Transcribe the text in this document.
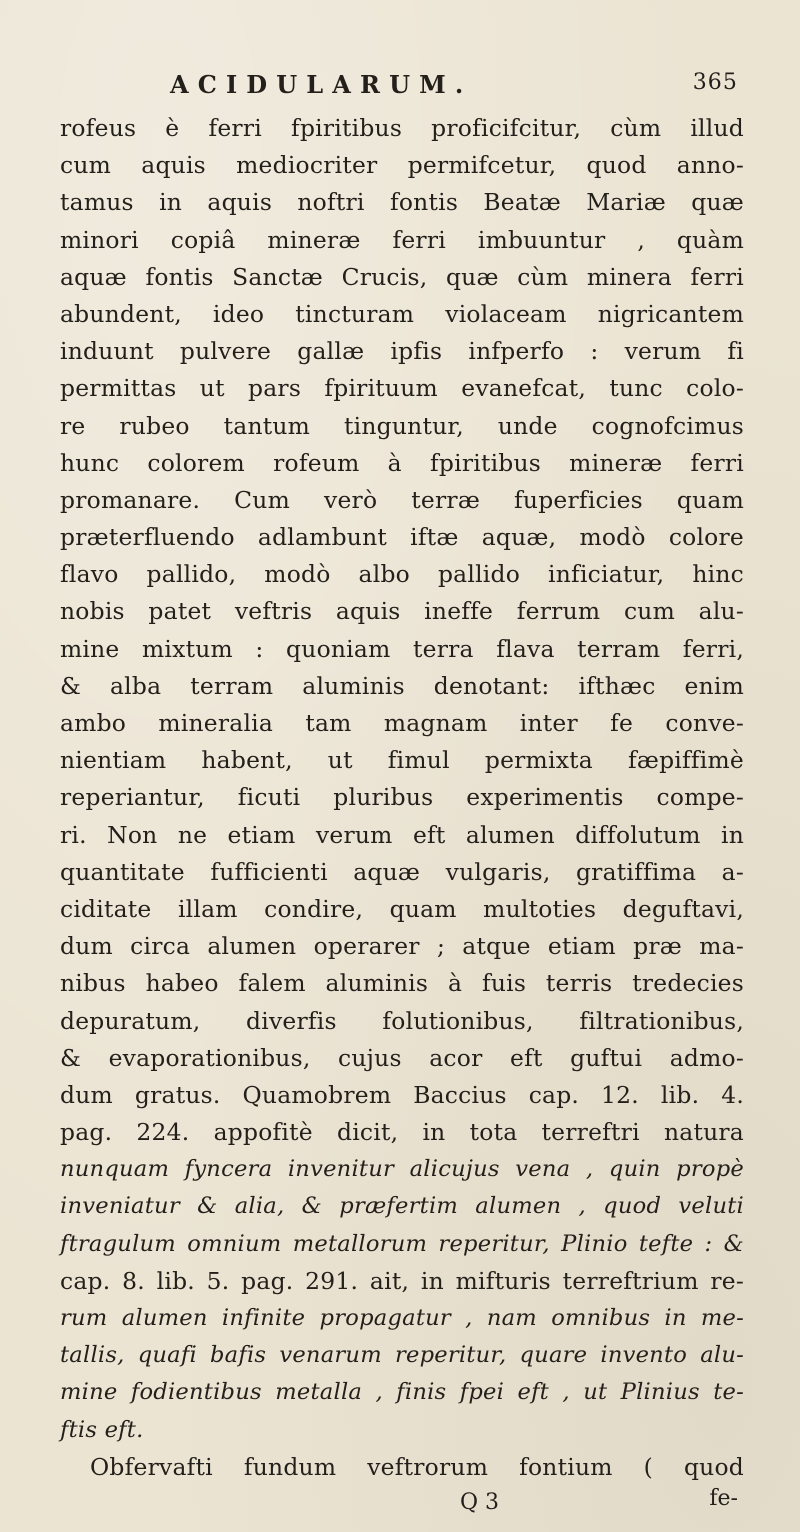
ACIDULARUM.	365
rofeus è ferri fpiritibus proficifcitur, cùm illud
cum aquis mediocriter permifcetur, quod anno-
tamus in aquis noftri fontis Beatæ Mariæ quæ
minori copiâ mineræ ferri imbuuntur , quàm
aquæ fontis Sanctæ Crucis, quæ cùm minera ferri
abundent, ideo tincturam violaceam nigricantem
induunt pulvere gallæ ipfis infperfo : verum fi
permittas ut pars fpirituum evanefcat, tunc colo-
re rubeo tantum tinguntur, unde cognofcimus
hunc colorem rofeum à fpiritibus mineræ ferri
promanare. Cum verò terræ fuperficies quam
præterfluendo adlambunt iftæ aquæ, modò colore
flavo pallido, modò albo pallido inficiatur, hinc
nobis patet veftris aquis ineffe ferrum cum alu-
mine mixtum : quoniam terra flava terram ferri,
& alba terram aluminis denotant: ifthæc enim
ambo mineralia tam magnam inter fe conve-
nientiam habent, ut fimul permixta fæpiffimè
reperiantur, ficuti pluribus experimentis compe-
ri. Non ne etiam verum eft alumen diffolutum in
quantitate fufficienti aquæ vulgaris, gratiffima a-
ciditate illam condire, quam multoties deguftavi,
dum circa alumen operarer ; atque etiam præ ma-
nibus habeo falem aluminis à fuis terris tredecies
depuratum, diverfis folutionibus, filtrationibus,
& evaporationibus, cujus acor eft guftui admo-
dum gratus. Quamobrem Baccius cap. 12. lib. 4.
pag. 224. appofitè dicit, in tota terreftri natura
nunquam fyncera invenitur alicujus vena , quin propè
inveniatur & alia, & præfertim alumen , quod veluti
ftragulum omnium metallorum reperitur, Plinio tefte : &
cap. 8. lib. 5. pag. 291. ait, in mifturis terreftrium re-
rum alumen infinite propagatur , nam omnibus in me-
tallis, quafi bafis venarum reperitur, quare invento alu-
mine fodientibus metalla , finis fpei eft , ut Plinius te-
ftis eft.
Obfervafti fundum veftrorum fontium ( quod
Q 3	fe-
